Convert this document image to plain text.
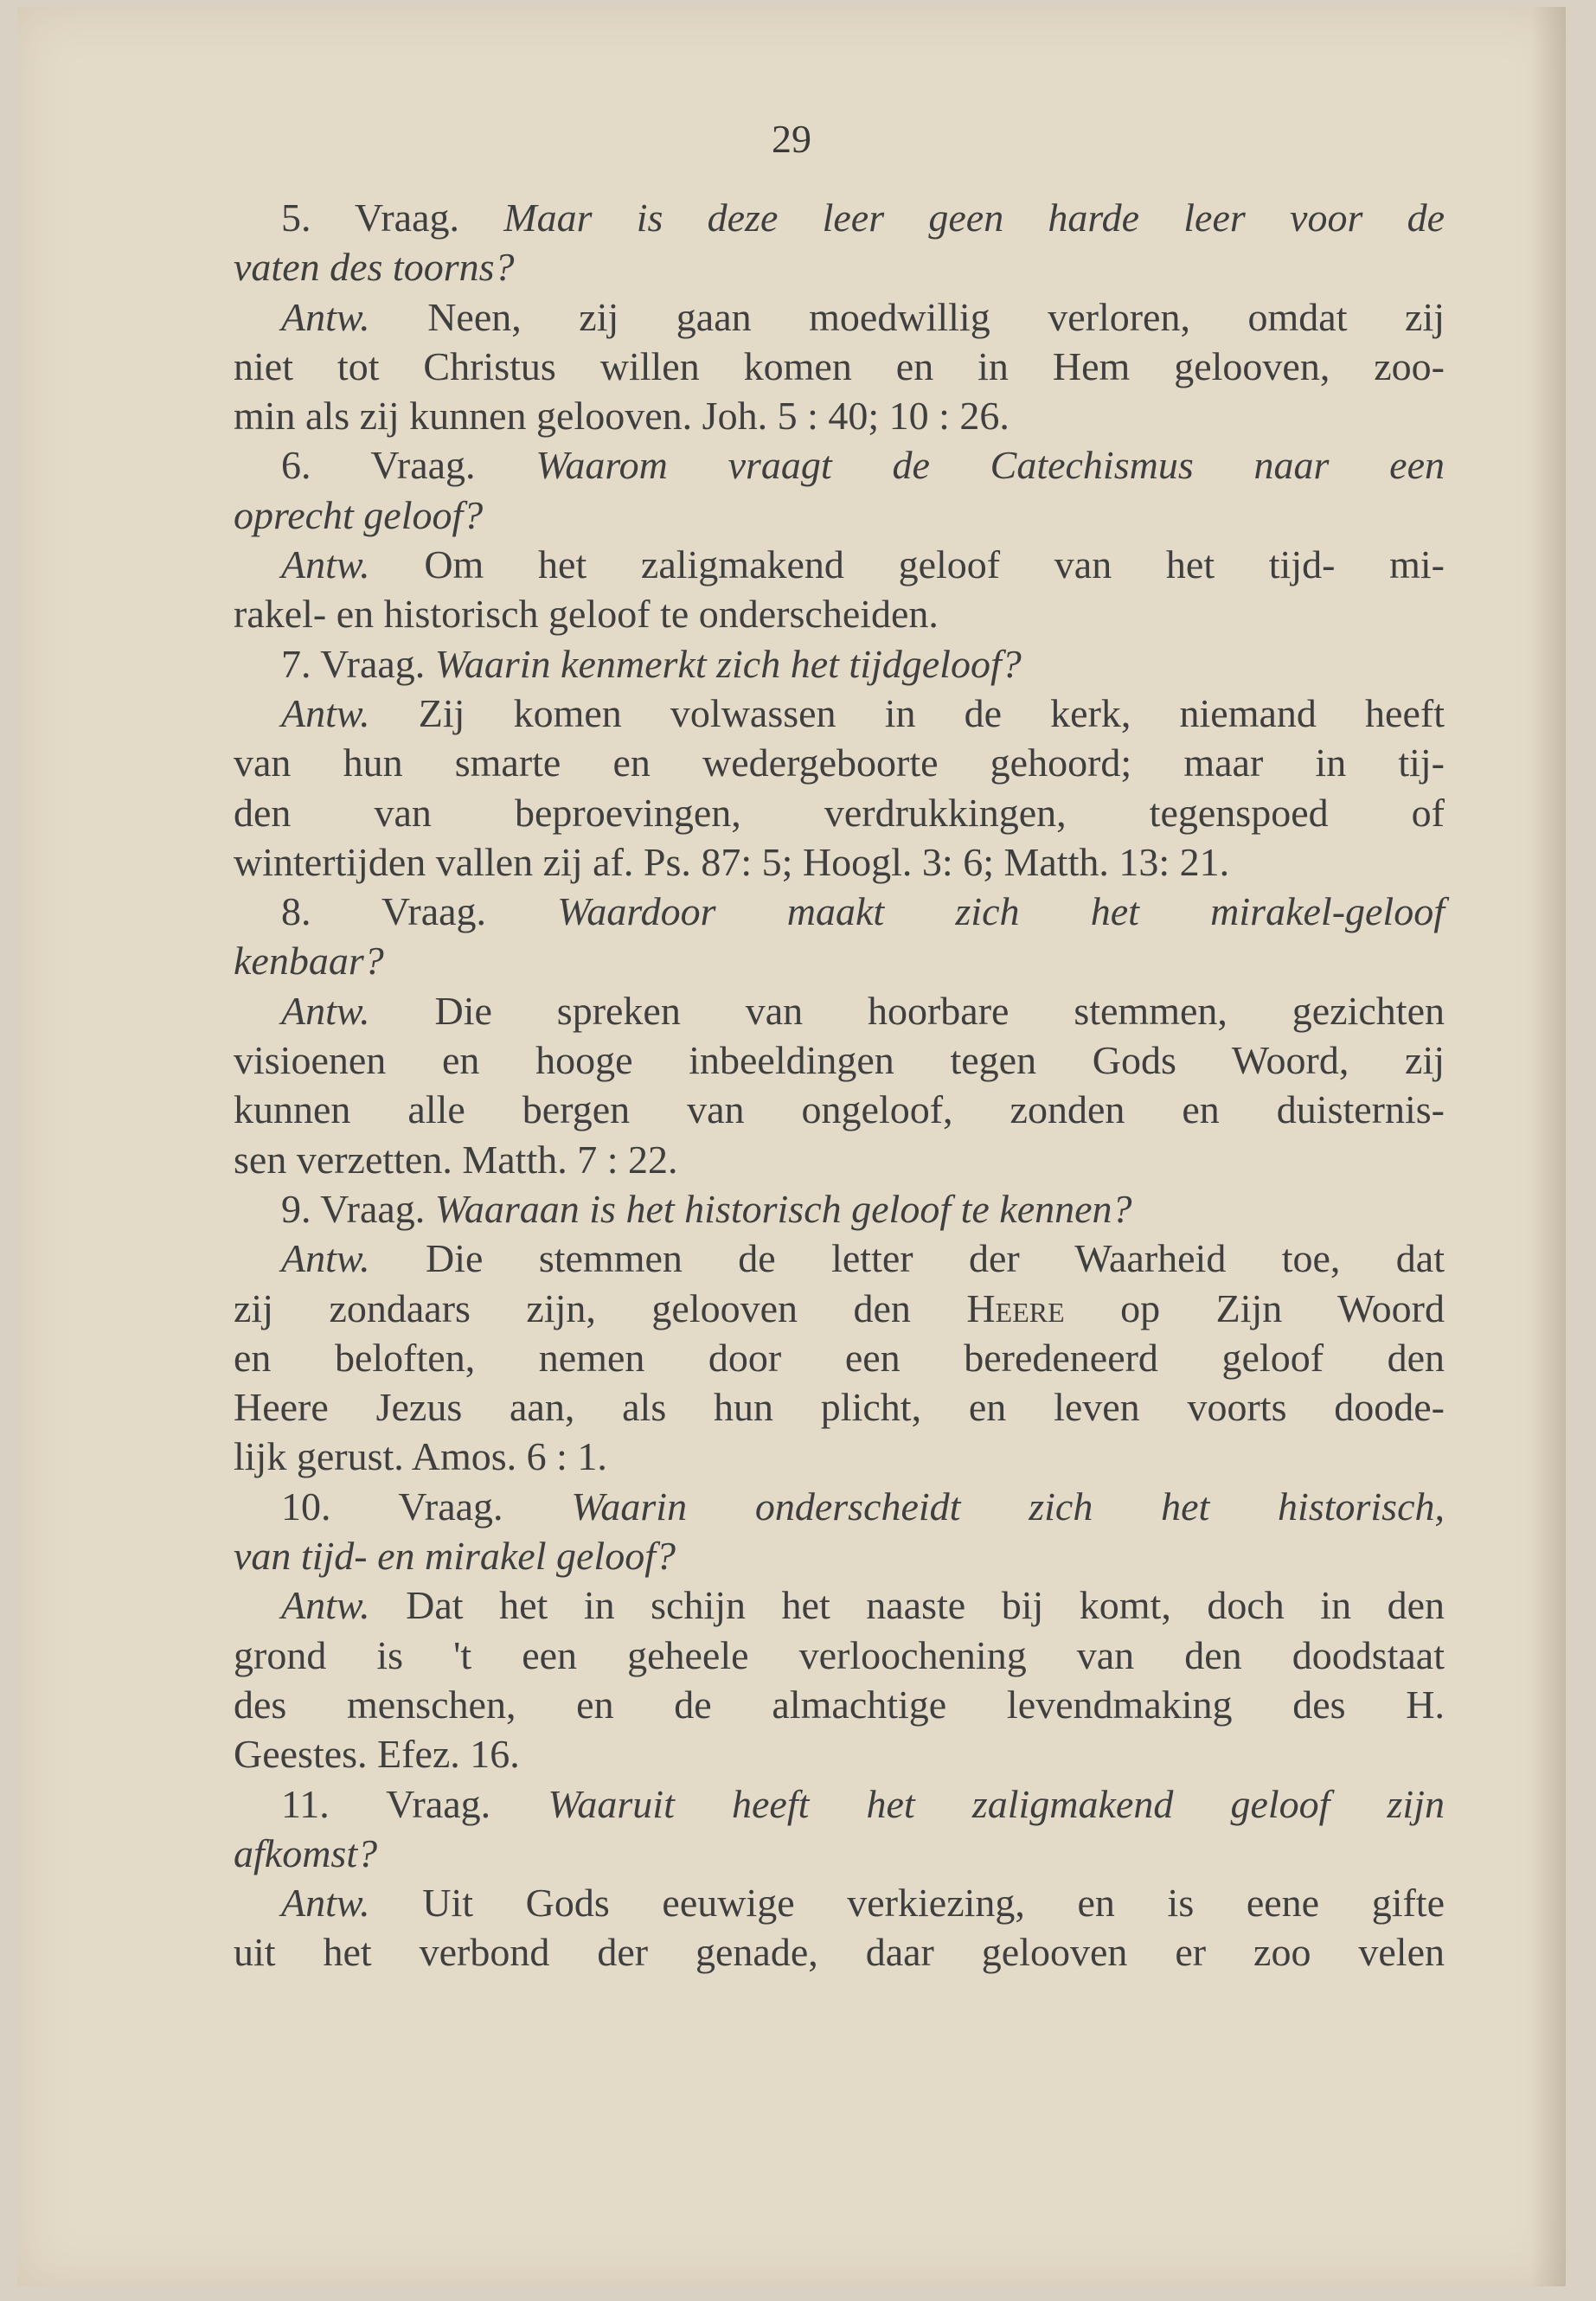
29
5. Vraag. Maar is deze leer geen harde leer voor de
vaten des toorns?
Antw. Neen, zij gaan moedwillig verloren, omdat zij
niet tot Christus willen komen en in Hem gelooven, zoo-
min als zij kunnen gelooven. Joh. 5 : 40; 10 : 26.
6. Vraag. Waarom vraagt de Catechismus naar een
oprecht geloof?
Antw. Om het zaligmakend geloof van het tijd- mi-
rakel- en historisch geloof te onderscheiden.
7. Vraag. Waarin kenmerkt zich het tijdgeloof?
Antw. Zij komen volwassen in de kerk, niemand heeft
van hun smarte en wedergeboorte gehoord; maar in tij-
den van beproevingen, verdrukkingen, tegenspoed of
wintertijden vallen zij af. Ps. 87: 5; Hoogl. 3: 6; Matth. 13: 21.
8. Vraag. Waardoor maakt zich het mirakel-geloof
kenbaar?
Antw. Die spreken van hoorbare stemmen, gezichten
visioenen en hooge inbeeldingen tegen Gods Woord, zij
kunnen alle bergen van ongeloof, zonden en duisternis-
sen verzetten. Matth. 7 : 22.
9. Vraag. Waaraan is het historisch geloof te kennen?
Antw. Die stemmen de letter der Waarheid toe, dat
zij zondaars zijn, gelooven den Heere op Zijn Woord
en beloften, nemen door een beredeneerd geloof den
Heere Jezus aan, als hun plicht, en leven voorts doode-
lijk gerust. Amos. 6 : 1.
10. Vraag. Waarin onderscheidt zich het historisch,
van tijd- en mirakel geloof?
Antw. Dat het in schijn het naaste bij komt, doch in den
grond is 't een geheele verloochening van den doodstaat
des menschen, en de almachtige levendmaking des H.
Geestes. Efez. 16.
11. Vraag. Waaruit heeft het zaligmakend geloof zijn
afkomst?
Antw. Uit Gods eeuwige verkiezing, en is eene gifte
uit het verbond der genade, daar gelooven er zoo velen
